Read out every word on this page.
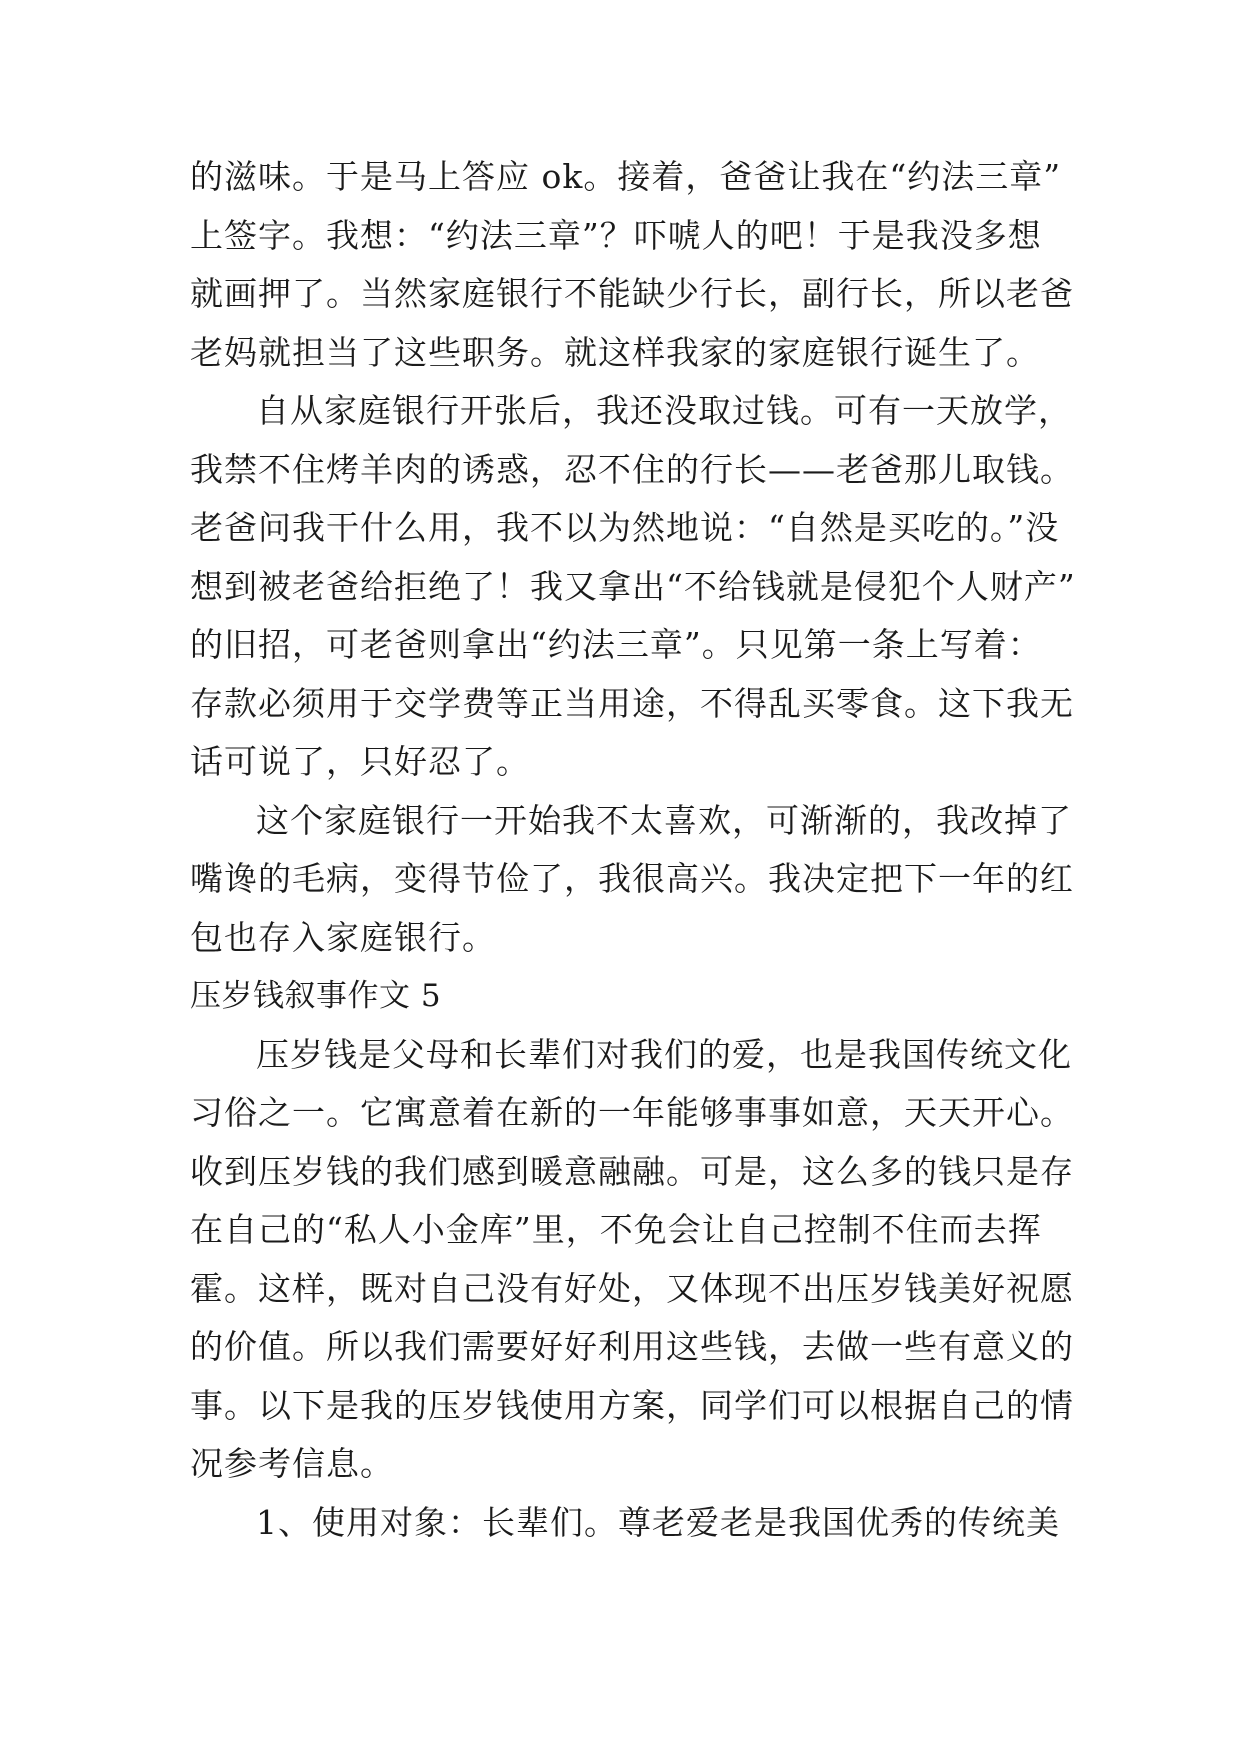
的滋味。于是马上答应 ok。接着，爸爸让我在“约法三章”
上签字。我想：“约法三章”？吓唬人的吧！于是我没多想
就画押了。当然家庭银行不能缺少行长，副行长，所以老爸
老妈就担当了这些职务。就这样我家的家庭银行诞生了。
自从家庭银行开张后，我还没取过钱。可有一天放学，
我禁不住烤羊肉的诱惑，忍不住的行长——老爸那儿取钱。
老爸问我干什么用，我不以为然地说：“自然是买吃的。”没
想到被老爸给拒绝了！我又拿出“不给钱就是侵犯个人财产”
的旧招，可老爸则拿出“约法三章”。只见第一条上写着：
存款必须用于交学费等正当用途，不得乱买零食。这下我无
话可说了，只好忍了。
这个家庭银行一开始我不太喜欢，可渐渐的，我改掉了
嘴谗的毛病，变得节俭了，我很高兴。我决定把下一年的红
包也存入家庭银行。
压岁钱叙事作文 5
压岁钱是父母和长辈们对我们的爱，也是我国传统文化
习俗之一。它寓意着在新的一年能够事事如意，天天开心。
收到压岁钱的我们感到暖意融融。可是，这么多的钱只是存
在自己的“私人小金库”里，不免会让自己控制不住而去挥
霍。这样，既对自己没有好处，又体现不出压岁钱美好祝愿
的价值。所以我们需要好好利用这些钱，去做一些有意义的
事。以下是我的压岁钱使用方案，同学们可以根据自己的情
况参考信息。
1、使用对象：长辈们。尊老爱老是我国优秀的传统美
